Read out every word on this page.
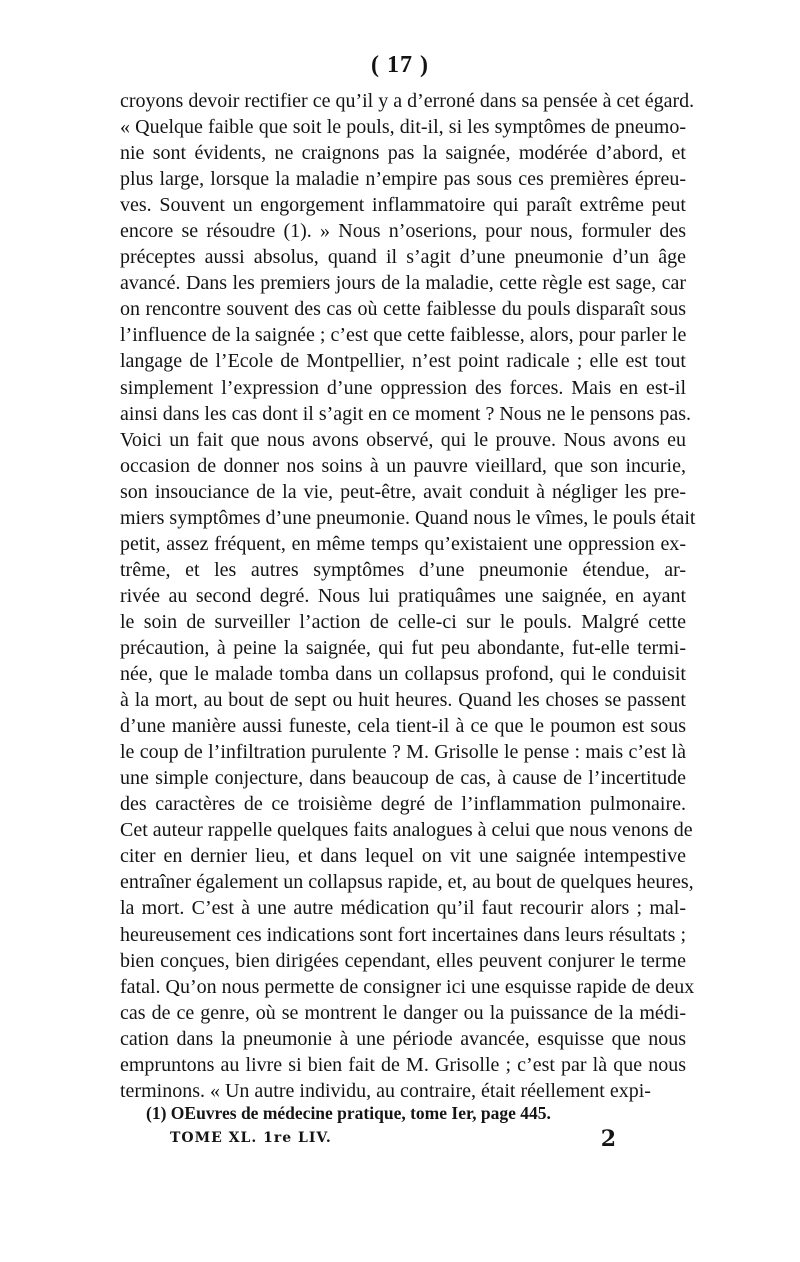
( 17 )
croyons devoir rectifier ce qu’il y a d’erroné dans sa pensée à cet égard.
« Quelque faible que soit le pouls, dit-il, si les symptômes de pneumo-
nie sont évidents, ne craignons pas la saignée, modérée d’abord, et
plus large, lorsque la maladie n’empire pas sous ces premières épreu-
ves. Souvent un engorgement inflammatoire qui paraît extrême peut
encore se résoudre (1). » Nous n’oserions, pour nous, formuler des
préceptes aussi absolus, quand il s’agit d’une pneumonie d’un âge
avancé. Dans les premiers jours de la maladie, cette règle est sage, car
on rencontre souvent des cas où cette faiblesse du pouls disparaît sous
l’influence de la saignée ; c’est que cette faiblesse, alors, pour parler le
langage de l’Ecole de Montpellier, n’est point radicale ; elle est tout
simplement l’expression d’une oppression des forces. Mais en est-il
ainsi dans les cas dont il s’agit en ce moment ? Nous ne le pensons pas.
Voici un fait que nous avons observé, qui le prouve. Nous avons eu
occasion de donner nos soins à un pauvre vieillard, que son incurie,
son insouciance de la vie, peut-être, avait conduit à négliger les pre-
miers symptômes d’une pneumonie. Quand nous le vîmes, le pouls était
petit, assez fréquent, en même temps qu’existaient une oppression ex-
trême, et les autres symptômes d’une pneumonie étendue, ar-
rivée au second degré. Nous lui pratiquâmes une saignée, en ayant
le soin de surveiller l’action de celle-ci sur le pouls. Malgré cette
précaution, à peine la saignée, qui fut peu abondante, fut-elle termi-
née, que le malade tomba dans un collapsus profond, qui le conduisit
à la mort, au bout de sept ou huit heures. Quand les choses se passent
d’une manière aussi funeste, cela tient-il à ce que le poumon est sous
le coup de l’infiltration purulente ? M. Grisolle le pense : mais c’est là
une simple conjecture, dans beaucoup de cas, à cause de l’incertitude
des caractères de ce troisième degré de l’inflammation pulmonaire.
Cet auteur rappelle quelques faits analogues à celui que nous venons de
citer en dernier lieu, et dans lequel on vit une saignée intempestive
entraîner également un collapsus rapide, et, au bout de quelques heures,
la mort. C’est à une autre médication qu’il faut recourir alors ; mal-
heureusement ces indications sont fort incertaines dans leurs résultats ;
bien conçues, bien dirigées cependant, elles peuvent conjurer le terme
fatal. Qu’on nous permette de consigner ici une esquisse rapide de deux
cas de ce genre, où se montrent le danger ou la puissance de la médi-
cation dans la pneumonie à une période avancée, esquisse que nous
empruntons au livre si bien fait de M. Grisolle ; c’est par là que nous
terminons. « Un autre individu, au contraire, était réellement expi-
(1) OEuvres de médecine pratique, tome Ier, page 445.
TOME XL. 1re LIV.	2
